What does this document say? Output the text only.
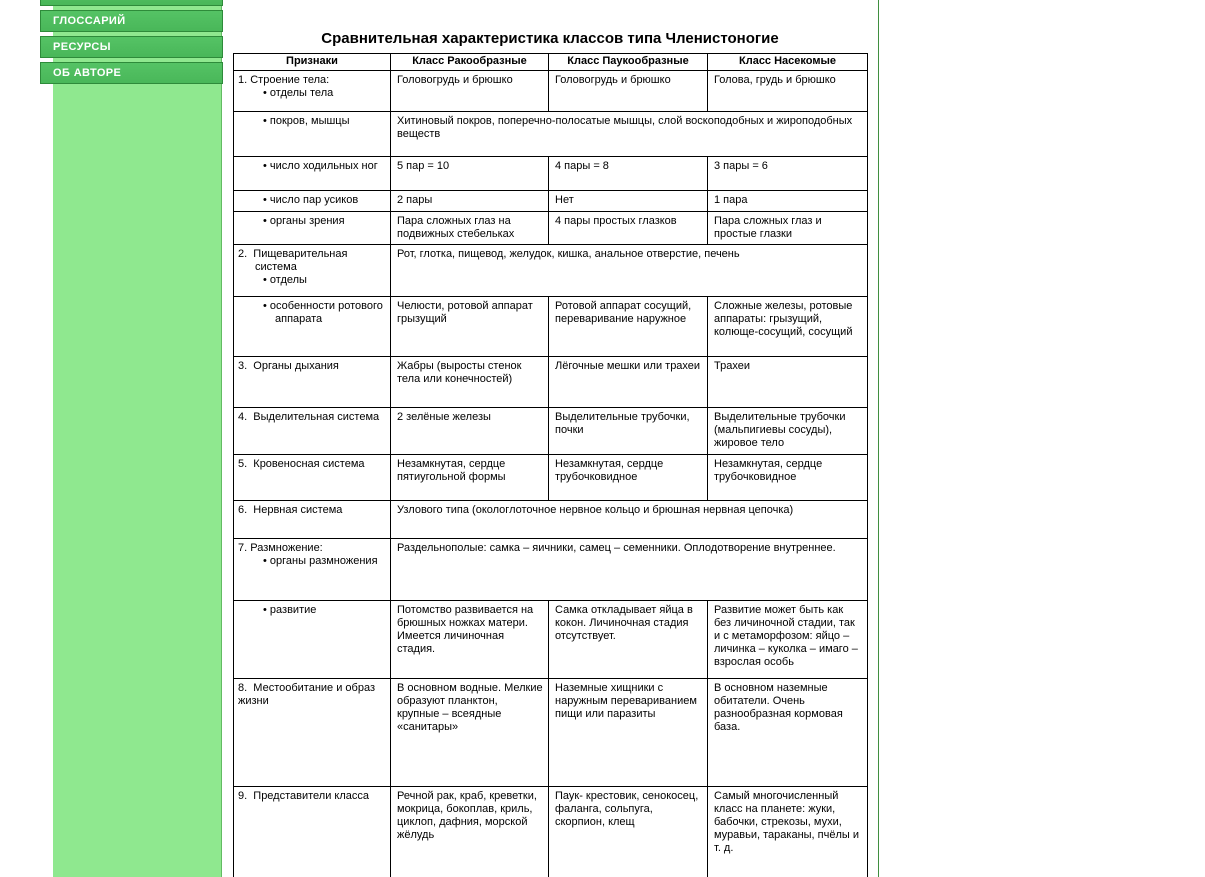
ГЛОССАРИЙ
РЕСУРСЫ
ОБ АВТОРЕ
Сравнительная характеристика классов типа Членистоногие
Признаки	Класс Ракообразные	Класс Паукообразные	Класс Насекомые

1. Строение тела:
• отделы тела	Головогрудь и брюшко	Головогрудь и брюшко	Голова, грудь и брюшко

• покров, мышцы	Хитиновый покров, поперечно-полосатые мышцы, слой воскоподобных и жироподобных веществ		

• число ходильных ног	5 пар = 10	4 пары = 8	3 пары = 6

• число пар усиков	2 пары	Нет	1 пара

• органы зрения	Пара сложных глаз на подвижных стебельках	4 пары простых глазков	Пара сложных глаз и простые глазки

2.  Пищеварительная система
• отделы	Рот, глотка, пищевод, желудок, кишка, анальное отверстие, печень		

• особенности ротового аппарата	Челюсти, ротовой аппарат грызущий	Ротовой аппарат сосущий, переваривание наружное	Сложные железы, ротовые аппараты: грызущий, колюще-сосущий, сосущий

3.  Органы дыхания	Жабры (выросты стенок тела или конечностей)	Лёгочные мешки или трахеи	Трахеи

4.  Выделительная система	2 зелёные железы	Выделительные трубочки, почки	Выделительные трубочки (мальпигиевы сосуды), жировое тело

5.  Кровеносная система	Незамкнутая, сердце пятиугольной формы	Незамкнутая, сердце трубочковидное	Незамкнутая, сердце трубочковидное

6.  Нервная система	Узлового типа (окологлоточное нервное кольцо и брюшная нервная цепочка)		

7. Размножение:
• органы размножения	Раздельнополые: самка – яичники, самец – семенники. Оплодотворение внутреннее.		

• развитие	Потомство развивается на брюшных ножках матери. Имеется личиночная стадия.	Самка откладывает яйца в кокон. Личиночная стадия отсутствует.	Развитие может быть как без личиночной стадии, так и с метаморфозом: яйцо – личинка – куколка – имаго – взрослая особь

8.  Местообитание и образ жизни	В основном водные. Мелкие образуют планктон, крупные – всеядные «санитары»	Наземные хищники с наружным перевариванием пищи или паразиты	В основном наземные обитатели. Очень разнообразная кормовая база.

9.  Представители класса	Речной рак, краб, креветки, мокрица, бокоплав, криль, циклоп, дафния, морской жёлудь	Паук- крестовик, сенокосец, фаланга, сольпуга, скорпион, клещ	Самый многочисленный класс на планете: жуки, бабочки, стрекозы, мухи, муравьи, тараканы, пчёлы и т. д.
